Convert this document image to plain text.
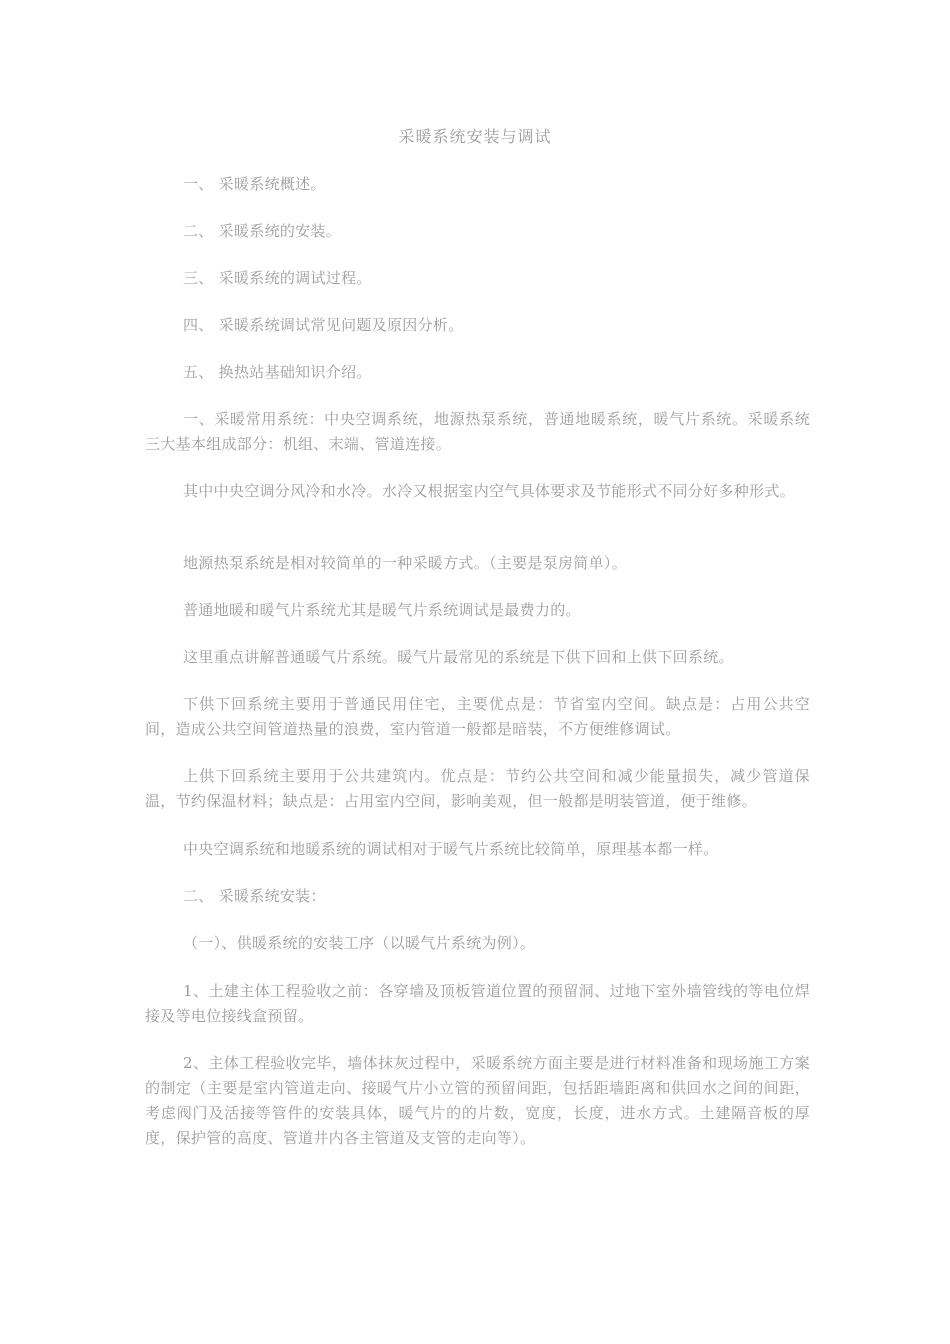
采暖系统安装与调试
一、 采暖系统概述。
二、 采暖系统的安装。
三、 采暖系统的调试过程。
四、 采暖系统调试常见问题及原因分析。
五、 换热站基础知识介绍。
一、采暖常用系统：中央空调系统，地源热泵系统，普通地暖系统，暖气片系统。采暖系统三大基本组成部分：机组、末端、管道连接。
其中中央空调分风冷和水冷。水冷又根据室内空气具体要求及节能形式不同分好多种形式。
地源热泵系统是相对较简单的一种采暖方式。（主要是泵房简单）。
普通地暖和暖气片系统尤其是暖气片系统调试是最费力的。
这里重点讲解普通暖气片系统。暖气片最常见的系统是下供下回和上供下回系统。
下供下回系统主要用于普通民用住宅，主要优点是：节省室内空间。缺点是：占用公共空间，造成公共空间管道热量的浪费，室内管道一般都是暗装，不方便维修调试。
上供下回系统主要用于公共建筑内。优点是：节约公共空间和减少能量损失，减少管道保温，节约保温材料；缺点是：占用室内空间，影响美观，但一般都是明装管道，便于维修。
中央空调系统和地暖系统的调试相对于暖气片系统比较简单，原理基本都一样。
二、 采暖系统安装：
（一）、供暖系统的安装工序（以暖气片系统为例）。
1、土建主体工程验收之前：各穿墙及顶板管道位置的预留洞、过地下室外墙管线的等电位焊接及等电位接线盒预留。
2、主体工程验收完毕，墙体抹灰过程中，采暖系统方面主要是进行材料准备和现场施工方案的制定（主要是室内管道走向、接暖气片小立管的预留间距，包括距墙距离和供回水之间的间距，考虑阀门及活接等管件的安装具体，暖气片的的片数，宽度，长度，进水方式。土建隔音板的厚度，保护管的高度、管道井内各主管道及支管的走向等）。
